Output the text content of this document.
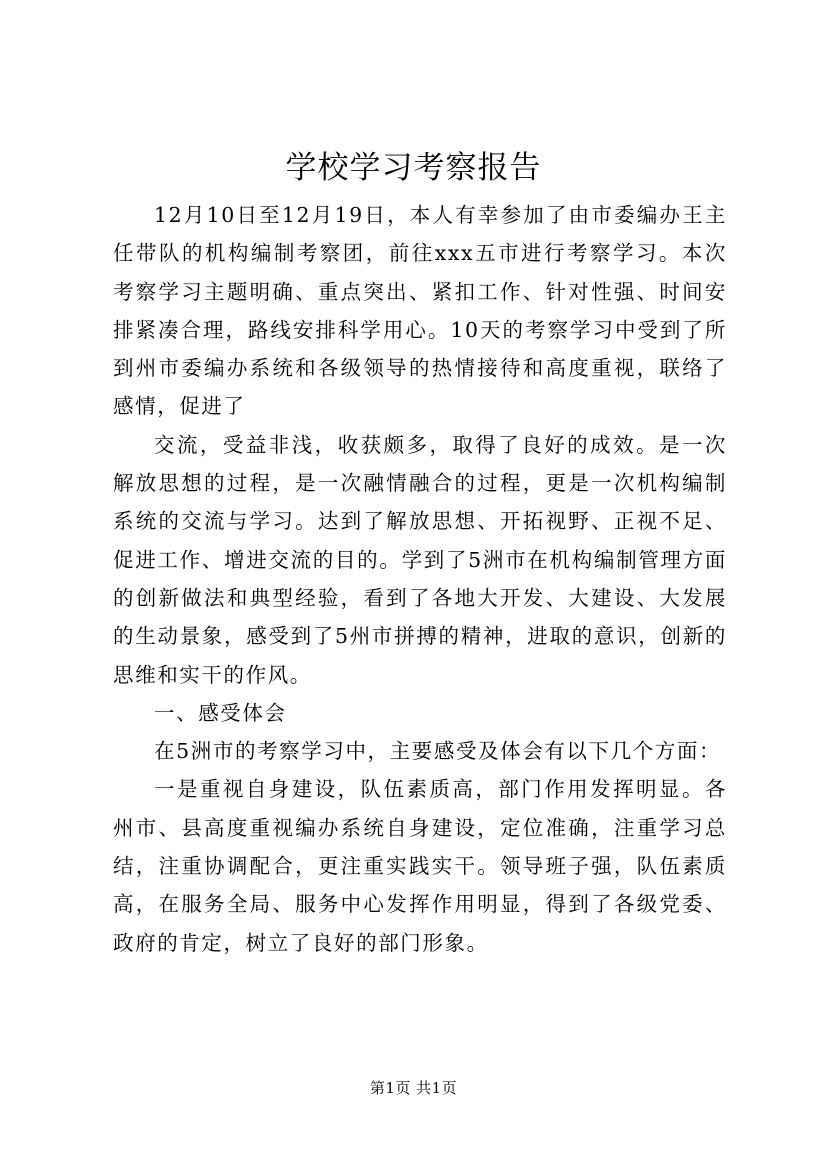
学校学习考察报告

12月10日至12月19日，本人有幸参加了由市委编办王主任带队的机构编制考察团，前往xxx五市进行考察学习。本次考察学习主题明确、重点突出、紧扣工作、针对性强、时间安排紧凑合理，路线安排科学用心。10天的考察学习中受到了所到州市委编办系统和各级领导的热情接待和高度重视，联络了感情，促进了

交流，受益非浅，收获颇多，取得了良好的成效。是一次解放思想的过程，是一次融情融合的过程，更是一次机构编制系统的交流与学习。达到了解放思想、开拓视野、正视不足、促进工作、增进交流的目的。学到了5洲市在机构编制管理方面的创新做法和典型经验，看到了各地大开发、大建设、大发展的生动景象，感受到了5州市拼搏的精神，进取的意识，创新的思维和实干的作风。

一、感受体会

在5洲市的考察学习中，主要感受及体会有以下几个方面：

一是重视自身建设，队伍素质高，部门作用发挥明显。各州市、县高度重视编办系统自身建设，定位准确，注重学习总结，注重协调配合，更注重实践实干。领导班子强，队伍素质高，在服务全局、服务中心发挥作用明显，得到了各级党委、政府的肯定，树立了良好的部门形象。

第1页 共1页
